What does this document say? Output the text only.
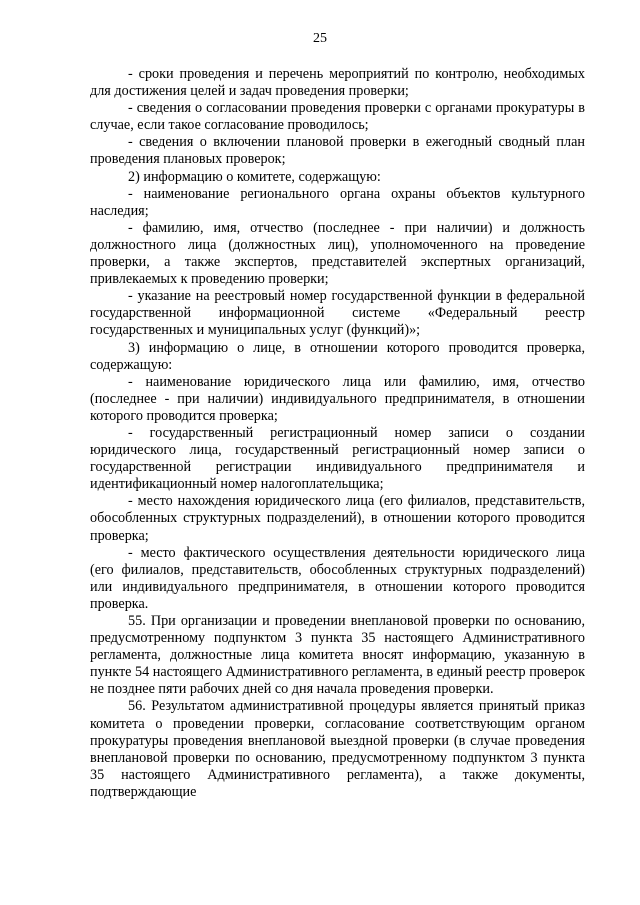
25

- сроки проведения и перечень мероприятий по контролю, необходимых для достижения целей и задач проведения проверки;

- сведения о согласовании проведения проверки с органами прокуратуры в случае, если такое согласование проводилось;

- сведения о включении плановой проверки в ежегодный сводный план проведения плановых проверок;

2) информацию о комитете, содержащую:

- наименование регионального органа охраны объектов культурного наследия;

- фамилию, имя, отчество (последнее - при наличии) и должность должностного лица (должностных лиц), уполномоченного на проведение проверки, а также экспертов, представителей экспертных организаций, привлекаемых к проведению проверки;

- указание на реестровый номер государственной функции в федеральной государственной информационной системе «Федеральный реестр государственных и муниципальных услуг (функций)»;

3) информацию о лице, в отношении которого проводится проверка, содержащую:

- наименование юридического лица или фамилию, имя, отчество (последнее - при наличии) индивидуального предпринимателя, в отношении которого проводится проверка;

- государственный регистрационный номер записи о создании юридического лица, государственный регистрационный номер записи о государственной регистрации индивидуального предпринимателя и идентификационный номер налогоплательщика;

- место нахождения юридического лица (его филиалов, представительств, обособленных структурных подразделений), в отношении которого проводится проверка;

- место фактического осуществления деятельности юридического лица (его филиалов, представительств, обособленных структурных подразделений) или индивидуального предпринимателя, в отношении которого проводится проверка.

55. При организации и проведении внеплановой проверки по основанию, предусмотренному подпунктом 3 пункта 35 настоящего Административного регламента, должностные лица комитета вносят информацию, указанную в пункте 54 настоящего Административного регламента, в единый реестр проверок не позднее пяти рабочих дней со дня начала проведения проверки.

56. Результатом административной процедуры является принятый приказ комитета о проведении проверки, согласование соответствующим органом прокуратуры проведения внеплановой выездной проверки (в случае проведения внеплановой проверки по основанию, предусмотренному подпунктом 3 пункта 35 настоящего Административного регламента), а также документы, подтверждающие
